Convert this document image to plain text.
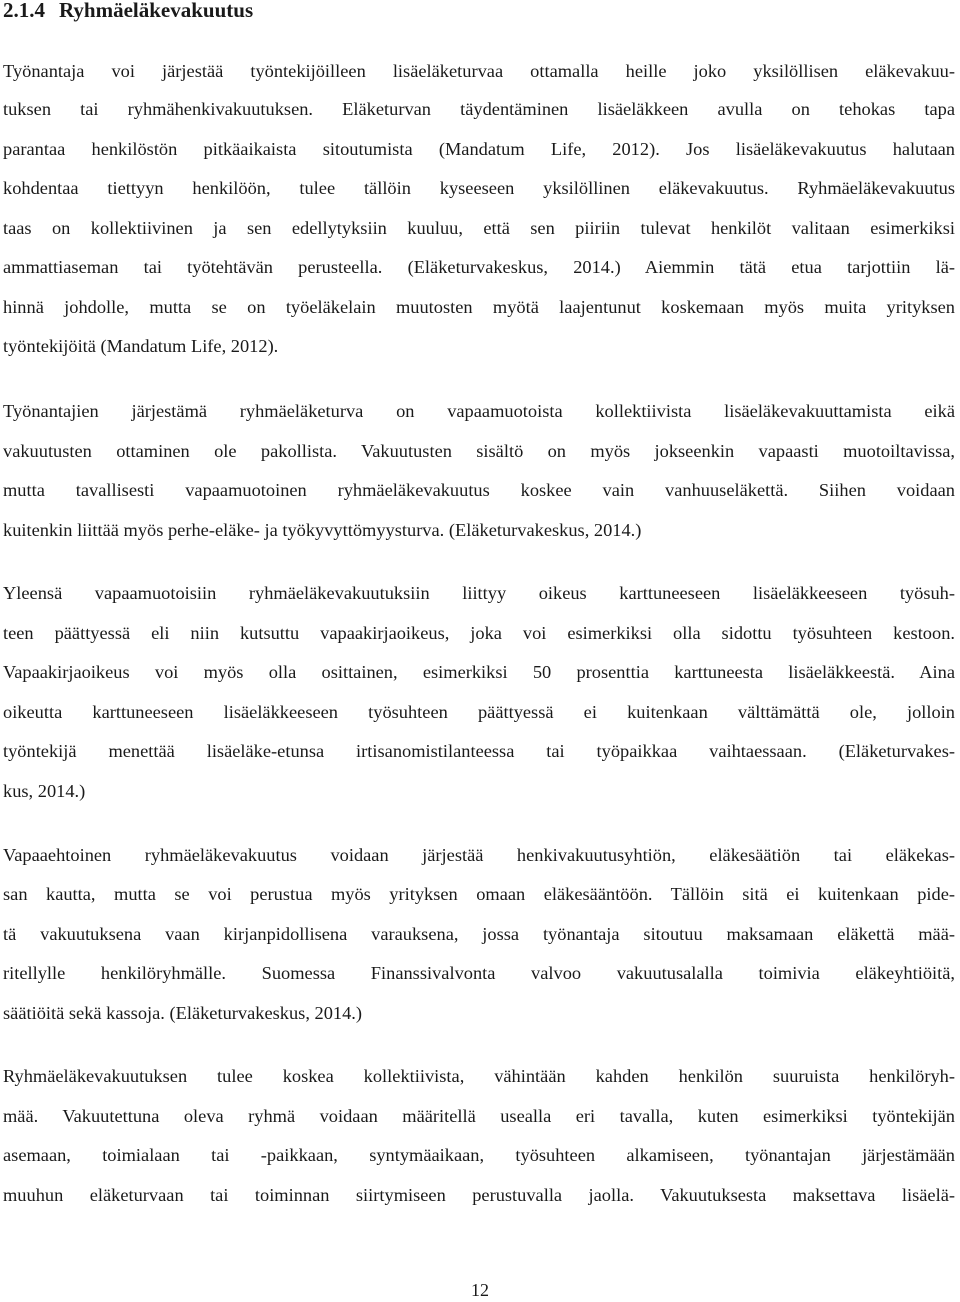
2.1.4 Ryhmäeläkevakuutus
Työnantaja voi järjestää työntekijöilleen lisäeläketurvaa ottamalla heille joko yksilöllisen eläkevakuu-
tuksen tai ryhmähenkivakuutuksen. Eläketurvan täydentäminen lisäeläkkeen avulla on tehokas tapa
parantaa henkilöstön pitkäaikaista sitoutumista (Mandatum Life, 2012). Jos lisäeläkevakuutus halutaan
kohdentaa tiettyyn henkilöön, tulee tällöin kyseeseen yksilöllinen eläkevakuutus. Ryhmäeläkevakuutus
taas on kollektiivinen ja sen edellytyksiin kuuluu, että sen piiriin tulevat henkilöt valitaan esimerkiksi
ammattiaseman tai työtehtävän perusteella. (Eläketurvakeskus, 2014.) Aiemmin tätä etua tarjottiin lä-
hinnä johdolle, mutta se on työeläkelain muutosten myötä laajentunut koskemaan myös muita yrityksen
työntekijöitä (Mandatum Life, 2012).
Työnantajien järjestämä ryhmäeläketurva on vapaamuotoista kollektiivista lisäeläkevakuuttamista eikä
vakuutusten ottaminen ole pakollista. Vakuutusten sisältö on myös jokseenkin vapaasti muotoiltavissa,
mutta tavallisesti vapaamuotoinen ryhmäeläkevakuutus koskee vain vanhuuseläkettä. Siihen voidaan
kuitenkin liittää myös perhe-eläke- ja työkyvyttömyysturva. (Eläketurvakeskus, 2014.)
Yleensä vapaamuotoisiin ryhmäeläkevakuutuksiin liittyy oikeus karttuneeseen lisäeläkkeeseen työsuh-
teen päättyessä eli niin kutsuttu vapaakirjaoikeus, joka voi esimerkiksi olla sidottu työsuhteen kestoon.
Vapaakirjaoikeus voi myös olla osittainen, esimerkiksi 50 prosenttia karttuneesta lisäeläkkeestä. Aina
oikeutta karttuneeseen lisäeläkkeeseen työsuhteen päättyessä ei kuitenkaan välttämättä ole, jolloin
työntekijä menettää lisäeläke-etunsa irtisanomistilanteessa tai työpaikkaa vaihtaessaan. (Eläketurvakes-
kus, 2014.)
Vapaaehtoinen ryhmäeläkevakuutus voidaan järjestää henkivakuutusyhtiön, eläkesäätiön tai eläkekas-
san kautta, mutta se voi perustua myös yrityksen omaan eläkesääntöön. Tällöin sitä ei kuitenkaan pide-
tä vakuutuksena vaan kirjanpidollisena varauksena, jossa työnantaja sitoutuu maksamaan eläkettä mää-
ritellylle henkilöryhmälle. Suomessa Finanssivalvonta valvoo vakuutusalalla toimivia eläkeyhtiöitä,
säätiöitä sekä kassoja. (Eläketurvakeskus, 2014.)
Ryhmäeläkevakuutuksen tulee koskea kollektiivista, vähintään kahden henkilön suuruista henkilöryh-
mää. Vakuutettuna oleva ryhmä voidaan määritellä usealla eri tavalla, kuten esimerkiksi työntekijän
asemaan, toimialaan tai -paikkaan, syntymäaikaan, työsuhteen alkamiseen, työnantajan järjestämään
muuhun eläketurvaan tai toiminnan siirtymiseen perustuvalla jaolla. Vakuutuksesta maksettava lisäelä-
12
